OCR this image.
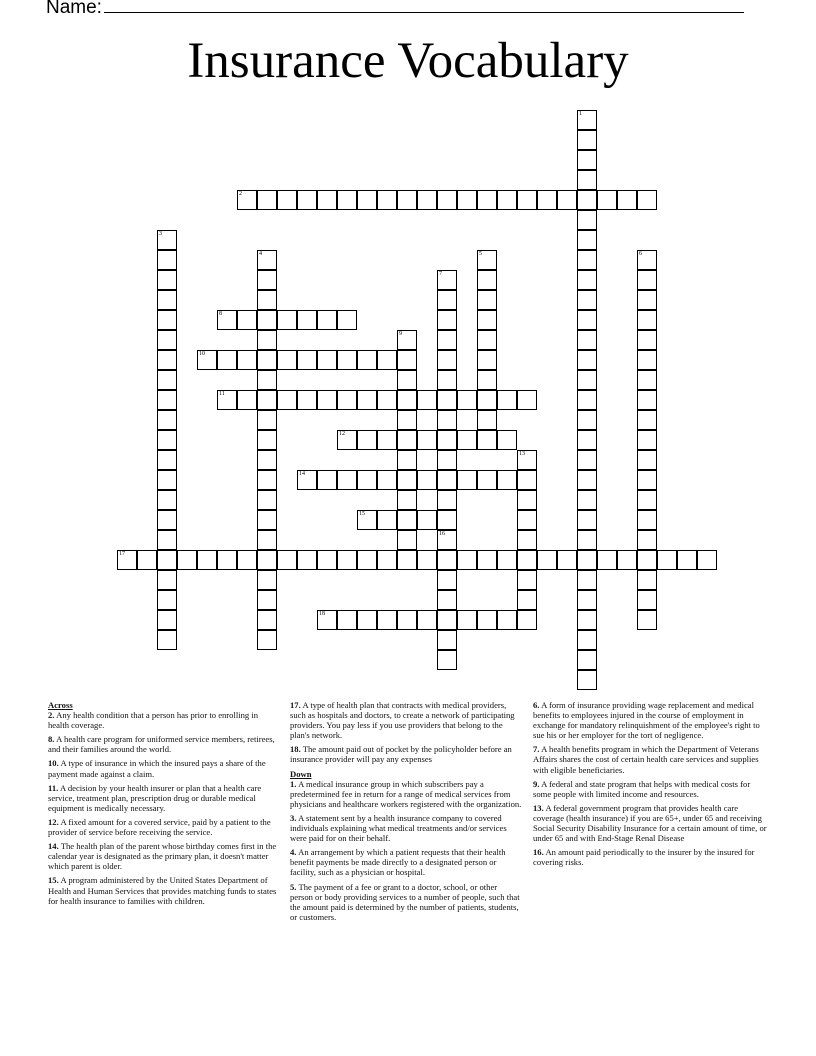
Name:
Insurance Vocabulary
1
2
3
4	5	6
7
16
8
9
10
11
12
13
14
15
17
18
Across
2. Any health condition that a person has prior to enrolling in health coverage.
8. A health care program for uniformed service members, retirees, and their families around the world.
10. A type of insurance in which the insured pays a share of the payment made against a claim.
11. A decision by your health insurer or plan that a health care service, treatment plan, prescription drug or durable medical equipment is medically necessary.
12. A fixed amount for a covered service, paid by a patient to the provider of service before receiving the service.
14. The health plan of the parent whose birthday comes first in the calendar year is designated as the primary plan, it doesn't matter which parent is older.
15. A program administered by the United States Department of Health and Human Services that provides matching funds to states for health insurance to families with children.
17. A type of health plan that contracts with medical providers, such as hospitals and doctors, to create a network of participating providers. You pay less if you use providers that belong to the plan's network.
18. The amount paid out of pocket by the policyholder before an insurance provider will pay any expenses
Down
1. A medical insurance group in which subscribers pay a predetermined fee in return for a range of medical services from physicians and healthcare workers registered with the organization.
3. A statement sent by a health insurance company to covered individuals explaining what medical treatments and/or services were paid for on their behalf.
4. An arrangement by which a patient requests that their health benefit payments be made directly to a designated person or facility, such as a physician or hospital.
5. The payment of a fee or grant to a doctor, school, or other person or body providing services to a number of people, such that the amount paid is determined by the number of patients, students, or customers.
6. A form of insurance providing wage replacement and medical benefits to employees injured in the course of employment in exchange for mandatory relinquishment of the employee's right to sue his or her employer for the tort of negligence.
7. A health benefits program in which the Department of Veterans Affairs shares the cost of certain health care services and supplies with eligible beneficiaries.
9. A federal and state program that helps with medical costs for some people with limited income and resources.
13. A federal government program that provides health care coverage (health insurance) if you are 65+, under 65 and receiving Social Security Disability Insurance for a certain amount of time, or under 65 and with End-Stage Renal Disease
16. An amount paid periodically to the insurer by the insured for covering risks.
